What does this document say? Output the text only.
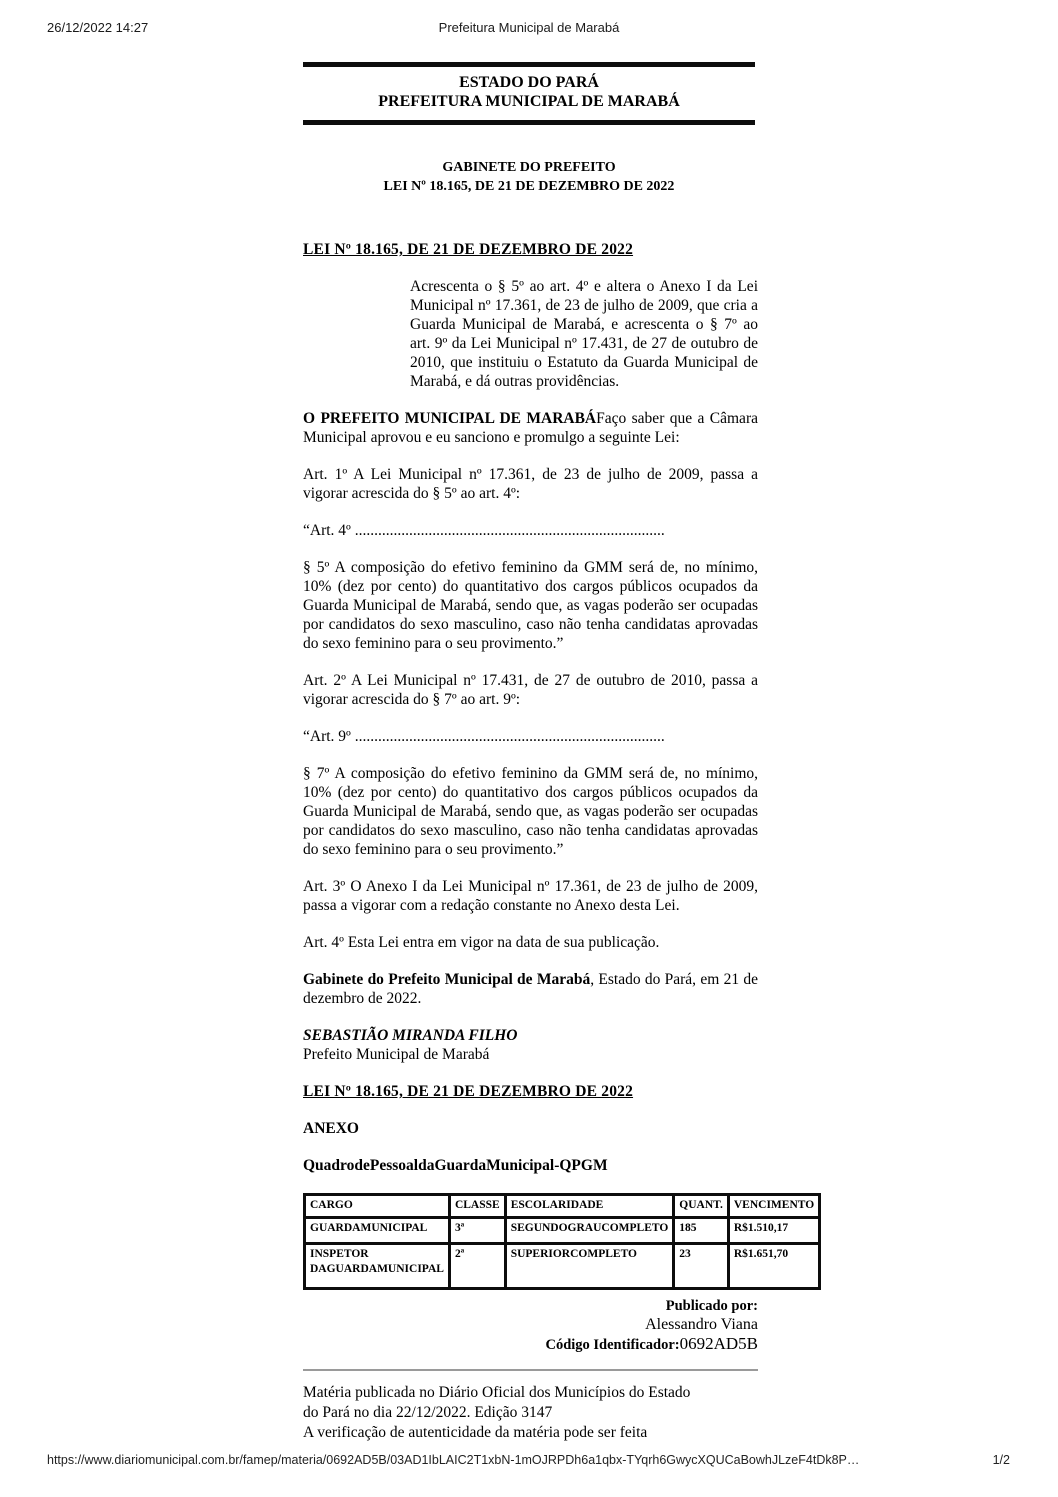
26/12/2022 14:27	Prefeitura Municipal de Marabá
ESTADO DO PARÁ
PREFEITURA MUNICIPAL DE MARABÁ
GABINETE DO PREFEITO
LEI Nº 18.165, DE 21 DE DEZEMBRO DE 2022
LEI Nº 18.165, DE 21 DE DEZEMBRO DE 2022

Acrescenta o § 5º ao art. 4º e altera o Anexo I da Lei Municipal nº 17.361, de 23 de julho de 2009, que cria a Guarda Municipal de Marabá, e acrescenta o § 7º ao art. 9º da Lei Municipal nº 17.431, de 27 de outubro de 2010, que instituiu o Estatuto da Guarda Municipal de Marabá, e dá outras providências.

O PREFEITO MUNICIPAL DE MARABÁFaço saber que a Câmara Municipal aprovou e eu sanciono e promulgo a seguinte Lei:

Art. 1º A Lei Municipal nº 17.361, de 23 de julho de 2009, passa a vigorar acrescida do § 5º ao art. 4º:

“Art. 4º ................................................................................

§ 5º A composição do efetivo feminino da GMM será de, no mínimo, 10% (dez por cento) do quantitativo dos cargos públicos ocupados da Guarda Municipal de Marabá, sendo que, as vagas poderão ser ocupadas por candidatos do sexo masculino, caso não tenha candidatas aprovadas do sexo feminino para o seu provimento.”

Art. 2º A Lei Municipal nº 17.431, de 27 de outubro de 2010, passa a vigorar acrescida do § 7º ao art. 9º:

“Art. 9º ................................................................................

§ 7º A composição do efetivo feminino da GMM será de, no mínimo, 10% (dez por cento) do quantitativo dos cargos públicos ocupados da Guarda Municipal de Marabá, sendo que, as vagas poderão ser ocupadas por candidatos do sexo masculino, caso não tenha candidatas aprovadas do sexo feminino para o seu provimento.”

Art. 3º O Anexo I da Lei Municipal nº 17.361, de 23 de julho de 2009, passa a vigorar com a redação constante no Anexo desta Lei.

Art. 4º Esta Lei entra em vigor na data de sua publicação.

Gabinete do Prefeito Municipal de Marabá, Estado do Pará, em 21 de dezembro de 2022.

SEBASTIÃO MIRANDA FILHO
Prefeito Municipal de Marabá
LEI Nº 18.165, DE 21 DE DEZEMBRO DE 2022
ANEXO
QuadrodePessoaldaGuardaMunicipal-QPGM
CARGO	CLASSE	ESCOLARIDADE	QUANT.	VENCIMENTO
GUARDAMUNICIPAL	3ª	SEGUNDOGRAUCOMPLETO	185	R$1.510,17
INSPETOR DAGUARDAMUNICIPAL	2ª	SUPERIORCOMPLETO	23	R$1.651,70
Publicado por:
Alessandro Viana
Código Identificador:0692AD5B
Matéria publicada no Diário Oficial dos Municípios do Estado
do Pará no dia 22/12/2022. Edição 3147
A verificação de autenticidade da matéria pode ser feita
https://www.diariomunicipal.com.br/famep/materia/0692AD5B/03AD1IbLAIC2T1xbN-1mOJRPDh6a1qbx-TYqrh6GwycXQUCaBowhJLzeF4tDk8P…	1/2
